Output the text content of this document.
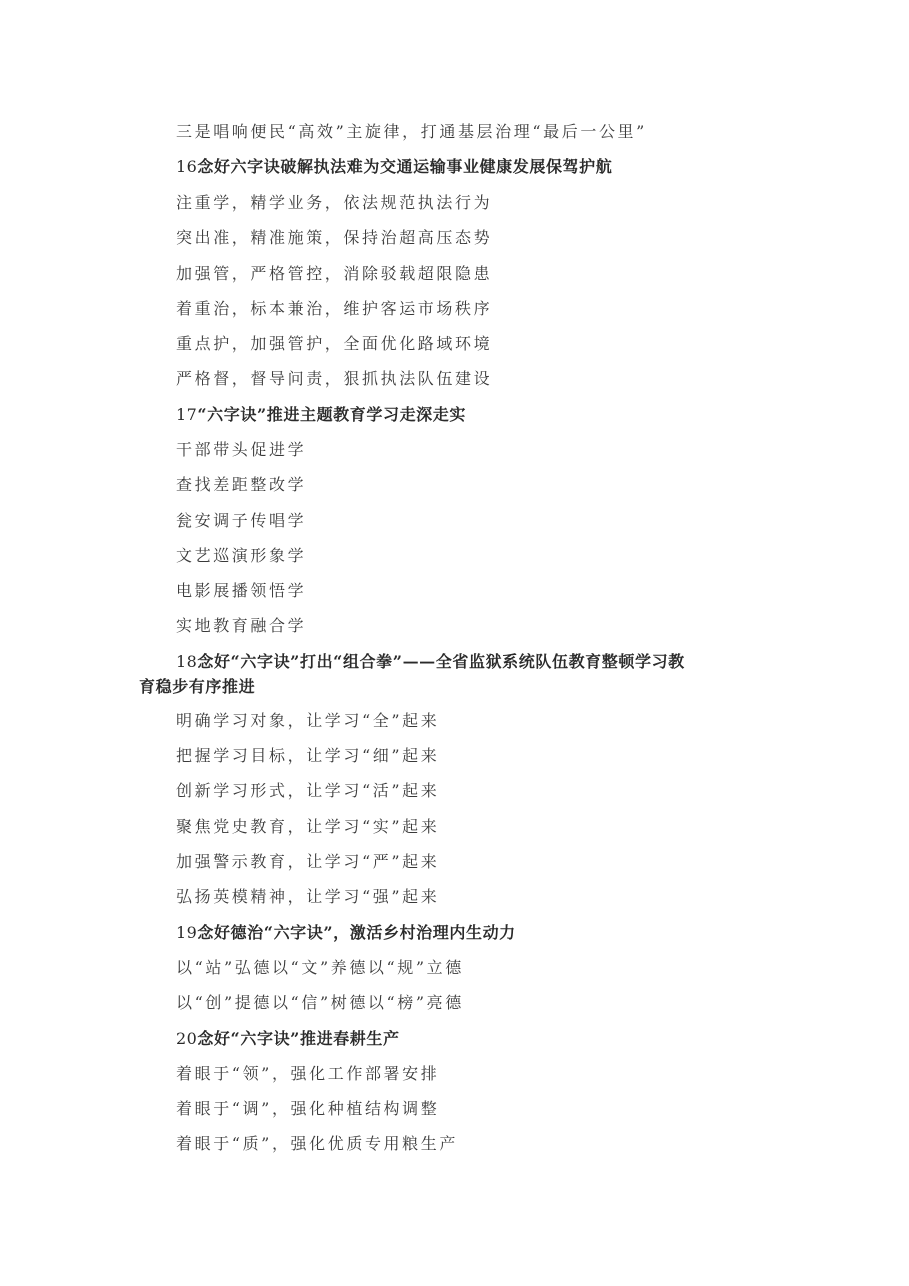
三是唱响便民“高效”主旋律，打通基层治理“最后一公里”
16念好六字诀破解执法难为交通运输事业健康发展保驾护航
注重学，精学业务，依法规范执法行为
突出准，精准施策，保持治超高压态势
加强管，严格管控，消除驳载超限隐患
着重治，标本兼治，维护客运市场秩序
重点护，加强管护，全面优化路域环境
严格督，督导问责，狠抓执法队伍建设
17“六字诀”推进主题教育学习走深走实
干部带头促进学
查找差距整改学
瓮安调子传唱学
文艺巡演形象学
电影展播领悟学
实地教育融合学
18念好“六字诀”打出“组合拳”——全省监狱系统队伍教育整顿学习教
育稳步有序推进
明确学习对象，让学习“全”起来
把握学习目标，让学习“细”起来
创新学习形式，让学习“活”起来
聚焦党史教育，让学习“实”起来
加强警示教育，让学习“严”起来
弘扬英模精神，让学习“强”起来
19念好德治“六字诀”，激活乡村治理内生动力
以“站”弘德以“文”养德以“规”立德
以“创”提德以“信”树德以“榜”亮德
20念好“六字诀”推进春耕生产
着眼于“领”，强化工作部署安排
着眼于“调”，强化种植结构调整
着眼于“质”，强化优质专用粮生产
